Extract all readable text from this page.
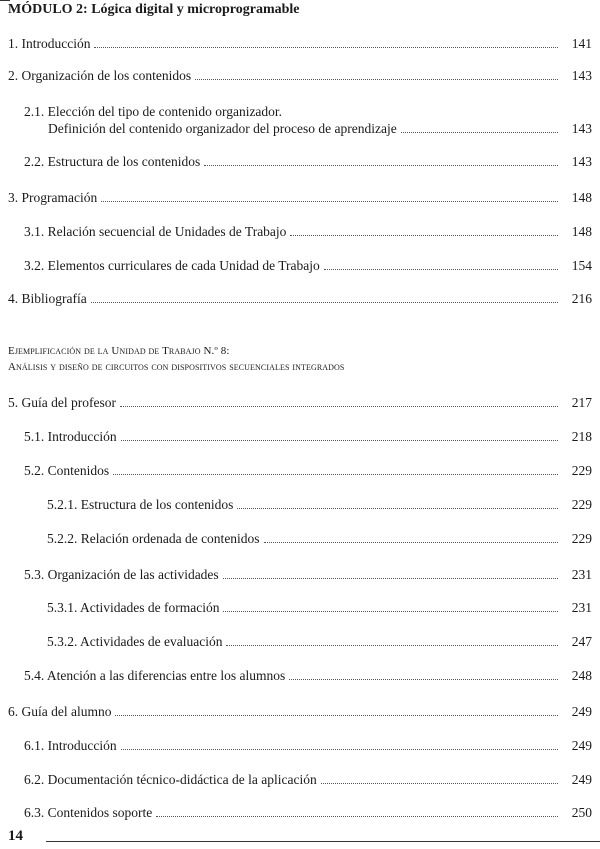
MÓDULO 2: Lógica digital y microprogramable
1. Introducción	141
2. Organización de los contenidos	143
2.1. Elección del tipo de contenido organizador.
Definición del contenido organizador del proceso de aprendizaje	143
2.2. Estructura de los contenidos	143
3. Programación	148
3.1. Relación secuencial de Unidades de Trabajo	148
3.2. Elementos curriculares de cada Unidad de Trabajo	154
4. Bibliografía	216
Ejemplificación de la Unidad de Trabajo N.º 8:
Análisis y diseño de circuitos con dispositivos secuenciales integrados
5. Guía del profesor	217
5.1. Introducción	218
5.2. Contenidos	229
5.2.1. Estructura de los contenidos	229
5.2.2. Relación ordenada de contenidos	229
5.3. Organización de las actividades	231
5.3.1. Actividades de formación	231
5.3.2. Actividades de evaluación	247
5.4. Atención a las diferencias entre los alumnos	248
6. Guía del alumno	249
6.1. Introducción	249
6.2. Documentación técnico-didáctica de la aplicación	249
6.3. Contenidos soporte	250
14
